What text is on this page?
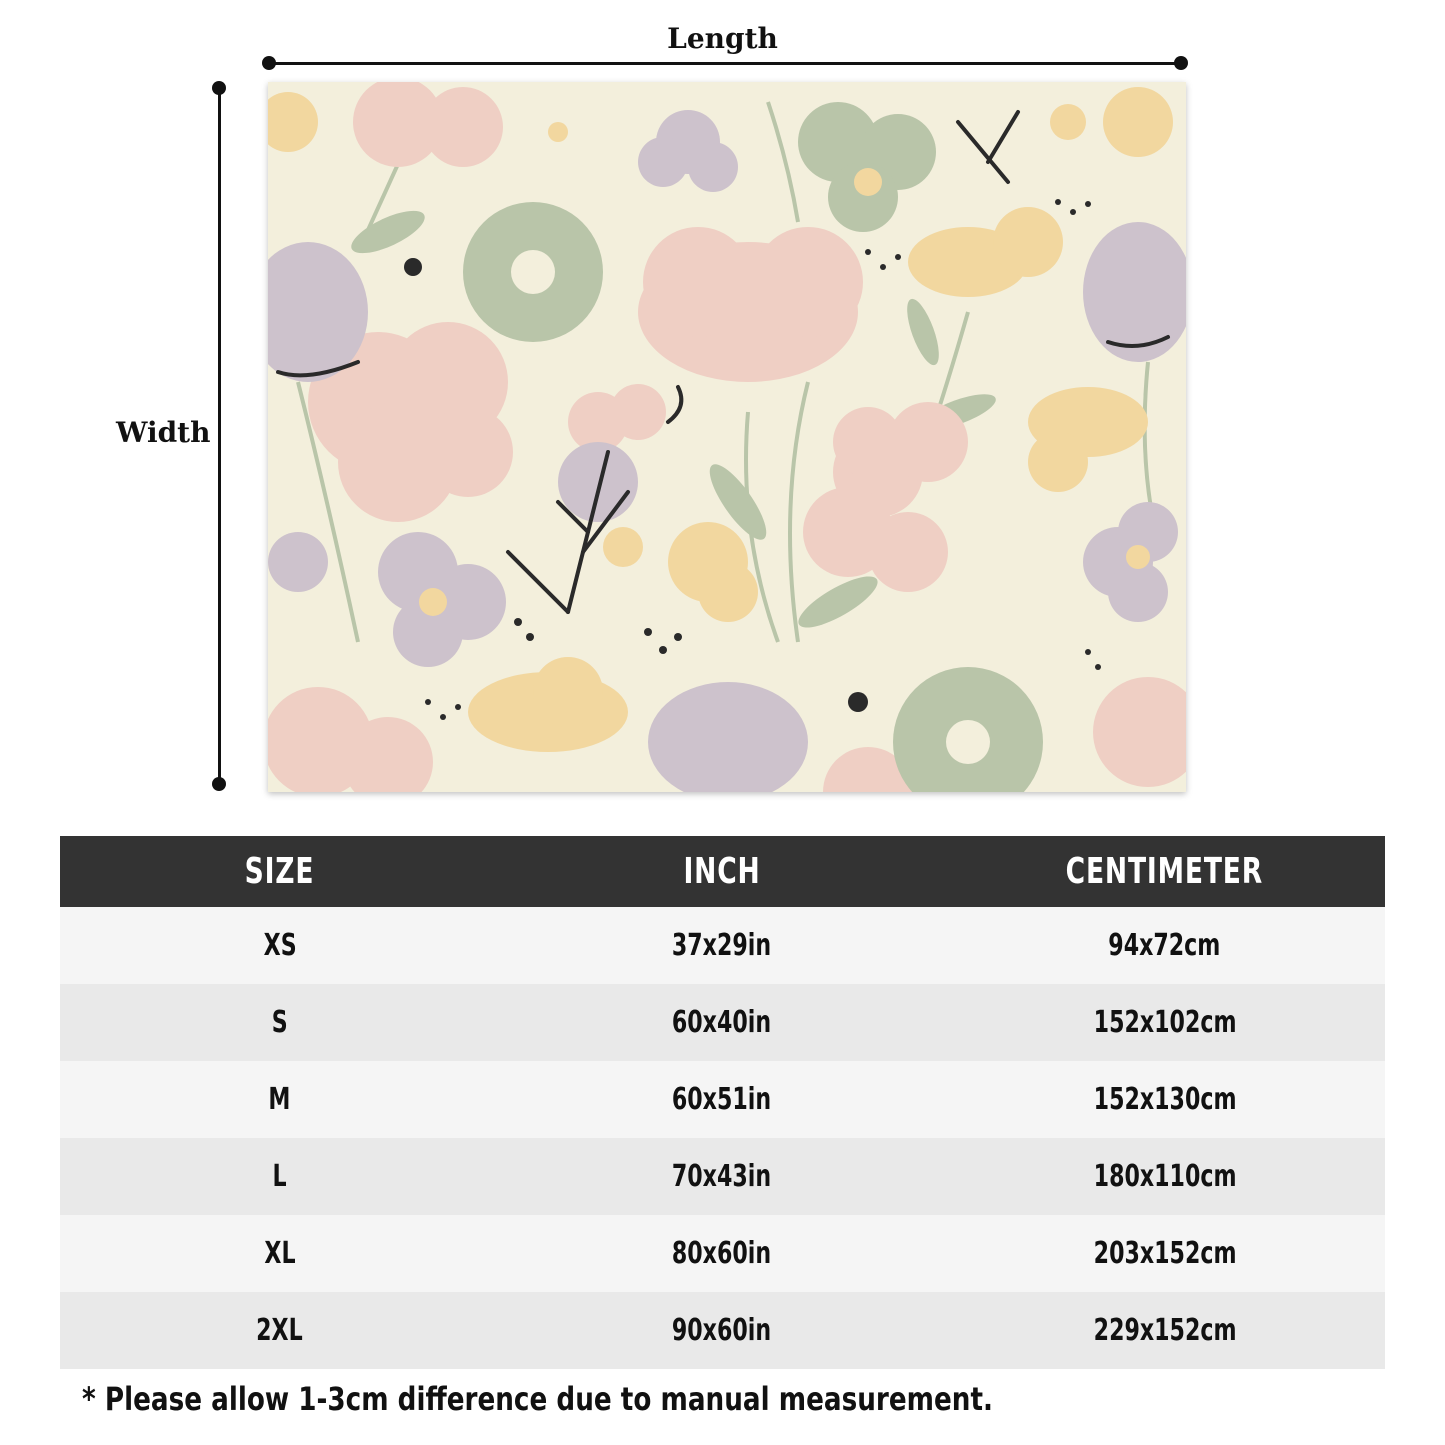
Length
Width
SIZE	INCH	CENTIMETER
XS	37x29in	94x72cm
S	60x40in	152x102cm
M	60x51in	152x130cm
L	70x43in	180x110cm
XL	80x60in	203x152cm
2XL	90x60in	229x152cm
* Please allow 1-3cm difference due to manual measurement.
